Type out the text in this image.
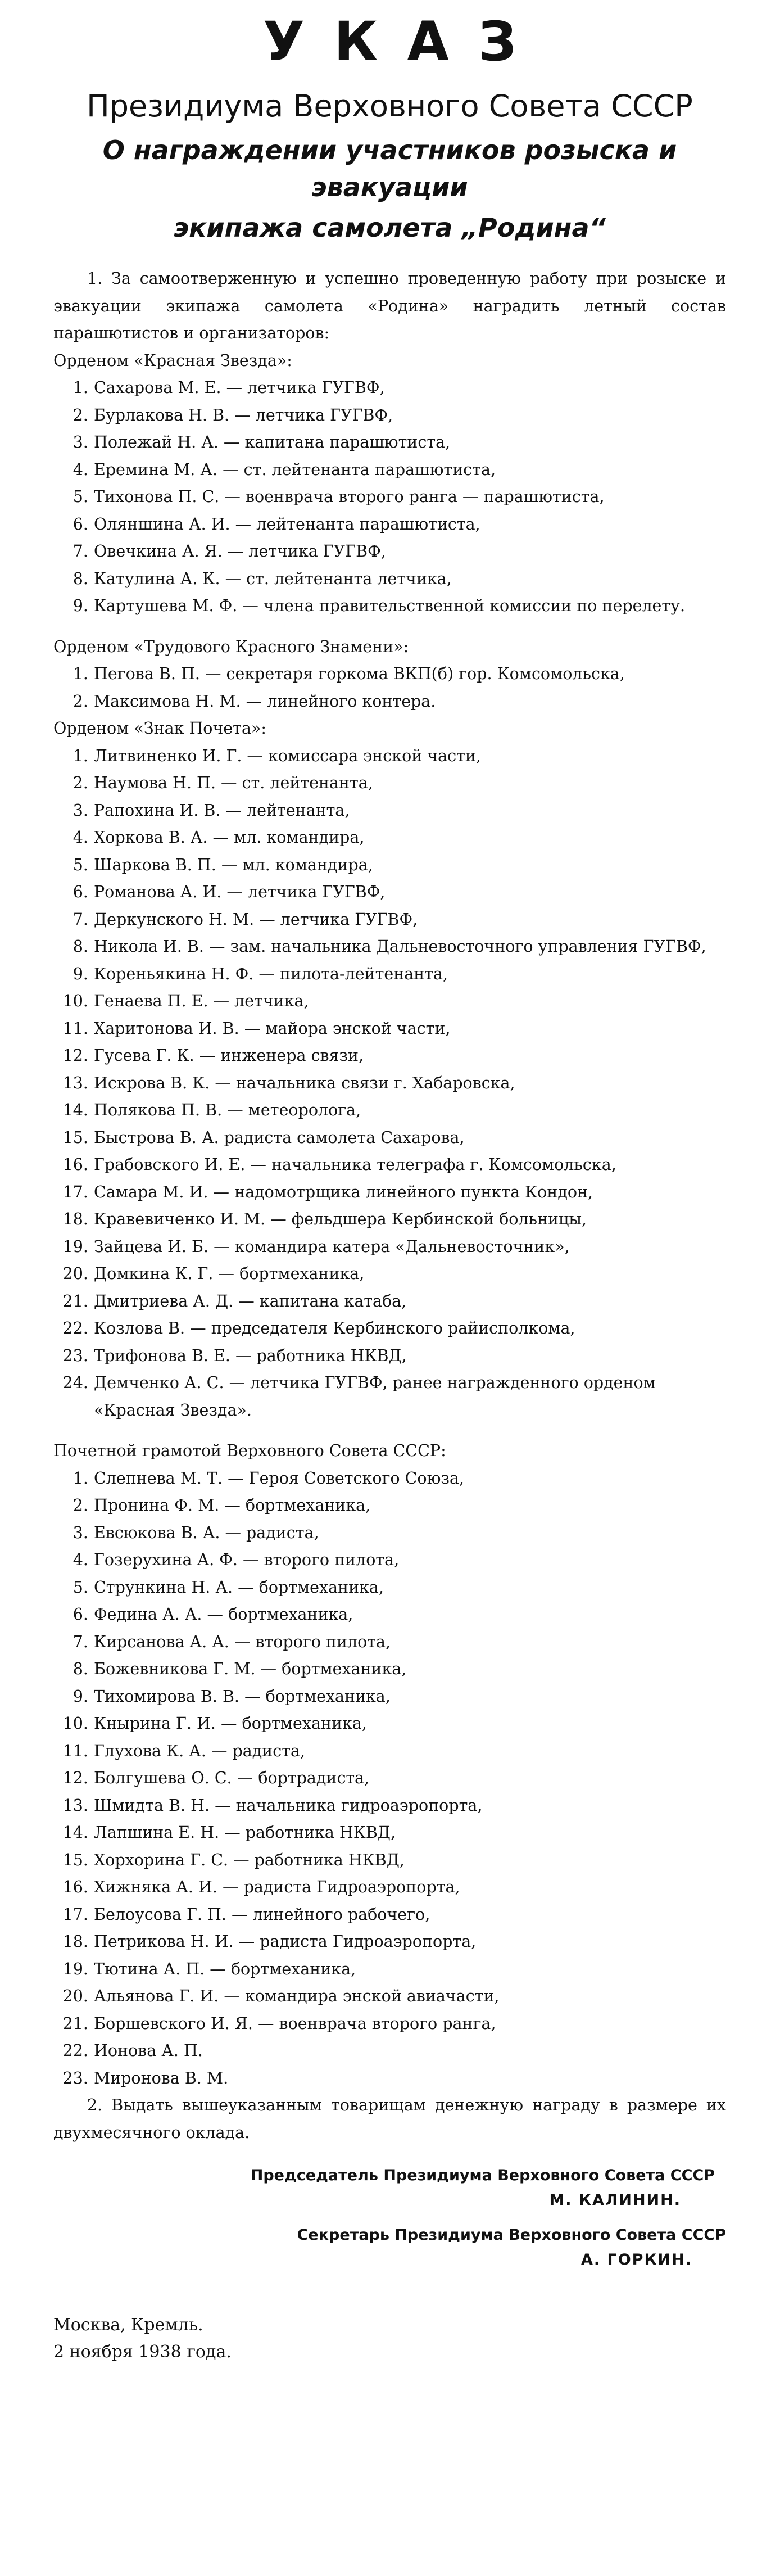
УКАЗ
Президиума Верховного Совета СССР
О награждении участников розыска и эвакуации
экипажа самолета „Родина“

1. За самоотверженную и успешно проведенную работу при розыске и эвакуации экипажа самолета «Родина» наградить летный состав парашютистов и организаторов:

Орденом «Красная Звезда»:

1. Сахарова М. Е. — летчика ГУГВФ,
2. Бурлакова Н. В. — летчика ГУГВФ,
3. Полежай Н. А. — капитана парашютиста,
4. Еремина М. А. — ст. лейтенанта парашютиста,
5. Тихонова П. С. — военврача второго ранга — парашютиста,
6. Оляншина А. И. — лейтенанта парашютиста,
7. Овечкина А. Я. — летчика ГУГВФ,
8. Катулина А. К. — ст. лейтенанта летчика,
9. Картушева М. Ф. — члена правительственной комиссии по перелету.

Орденом «Трудового Красного Знамени»:

1. Пегова В. П. — секретаря горкома ВКП(б) гор. Комсомольска,
2. Максимова Н. М. — линейного контера.

Орденом «Знак Почета»:

1. Литвиненко И. Г. — комиссара энской части,
2. Наумова Н. П. — ст. лейтенанта,
3. Рапохина И. В. — лейтенанта,
4. Хоркова В. А. — мл. командира,
5. Шаркова В. П. — мл. командира,
6. Романова А. И. — летчика ГУГВФ,
7. Деркунского Н. М. — летчика ГУГВФ,
8. Никола И. В. — зам. начальника Дальневосточного управления ГУГВФ,
9. Кореньякина Н. Ф. — пилота-лейтенанта,
10. Генаева П. Е. — летчика,
11. Харитонова И. В. — майора энской части,
12. Гусева Г. К. — инженера связи,
13. Искрова В. К. — начальника связи г. Хабаровска,
14. Полякова П. В. — метеоролога,
15. Быстрова В. А. радиста самолета Сахарова,
16. Грабовского И. Е. — начальника телеграфа г. Комсомольска,
17. Самара М. И. — надомотрщика линейного пункта Кондон,
18. Кравевиченко И. М. — фельдшера Кербинской больницы,
19. Зайцева И. Б. — командира катера «Дальневосточник»,
20. Домкина К. Г. — бортмеханика,
21. Дмитриева А. Д. — капитана катаба,
22. Козлова В. — председателя Кербинского райисполкома,
23. Трифонова В. Е. — работника НКВД,
24. Демченко А. С. — летчика ГУГВФ, ранее награжденного орденом «Красная Звезда».

Почетной грамотой Верховного Совета СССР:

1. Слепнева М. Т. — Героя Советского Союза,
2. Пронина Ф. М. — бортмеханика,
3. Евсюкова В. А. — радиста,
4. Гозерухина А. Ф. — второго пилота,
5. Стрункина Н. А. — бортмеханика,
6. Федина А. А. — бортмеханика,
7. Кирсанова А. А. — второго пилота,
8. Божевникова Г. М. — бортмеханика,
9. Тихомирова В. В. — бортмеханика,
10. Кнырина Г. И. — бортмеханика,
11. Глухова К. А. — радиста,
12. Болгушева О. С. — бортрадиста,
13. Шмидта В. Н. — начальника гидроаэропорта,
14. Лапшина Е. Н. — работника НКВД,
15. Хорхорина Г. С. — работника НКВД,
16. Хижняка А. И. — радиста Гидроаэропорта,
17. Белоусова Г. П. — линейного рабочего,
18. Петрикова Н. И. — радиста Гидроаэропорта,
19. Тютина А. П. — бортмеханика,
20. Альянова Г. И. — командира энской авиачасти,
21. Боршевского И. Я. — военврача второго ранга,
22. Ионова А. П.
23. Миронова В. М.

2. Выдать вышеуказанным товарищам денежную награду в размере их двухмесячного оклада.

Председатель Президиума Верховного Совета СССР

М. КАЛИНИН.

Секретарь Президиума Верховного Совета СССР

А. ГОРКИН.

Москва, Кремль.

2 ноября 1938 года.
